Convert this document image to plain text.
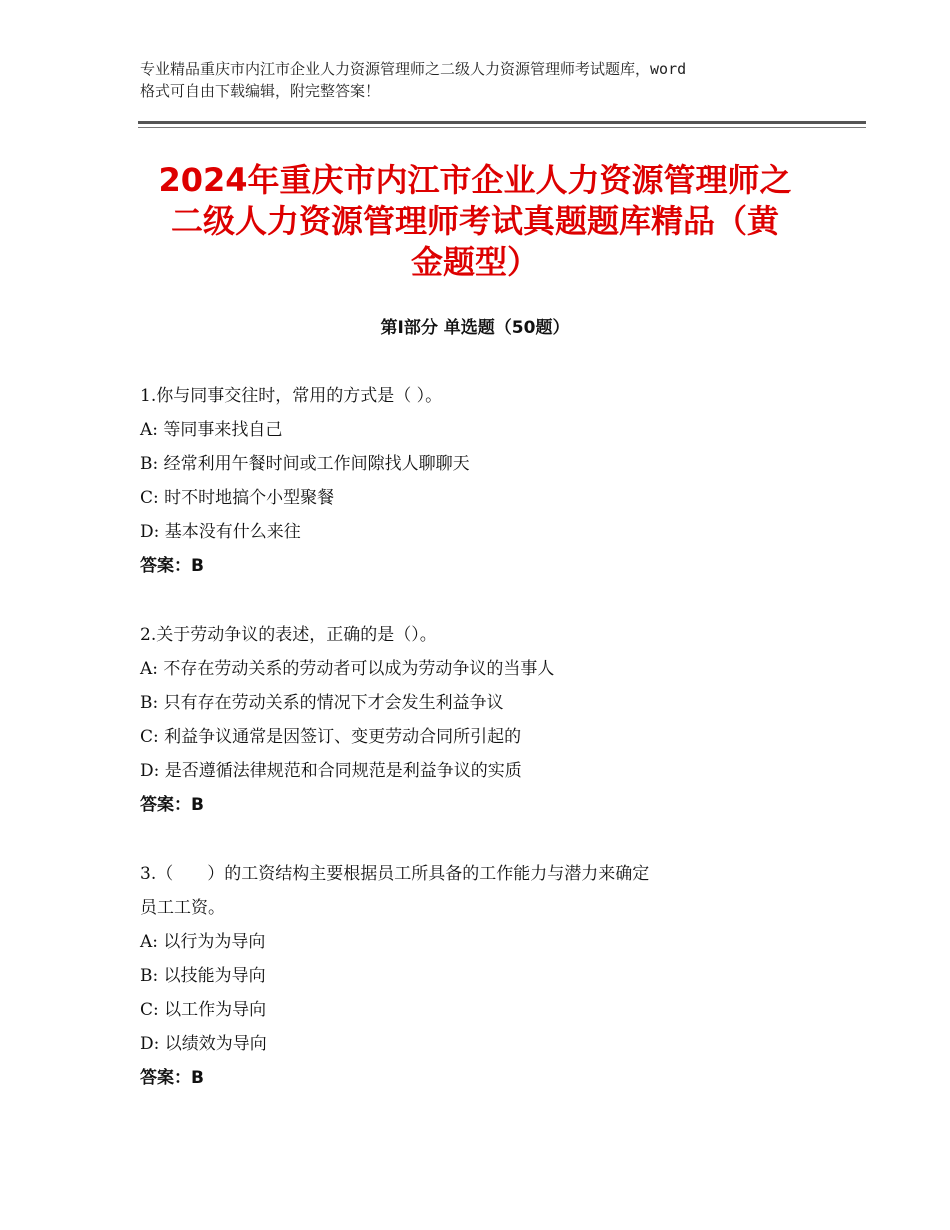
专业精品重庆市内江市企业人力资源管理师之二级人力资源管理师考试题库，word
格式可自由下载编辑，附完整答案！
2024年重庆市内江市企业人力资源管理师之
二级人力资源管理师考试真题题库精品（黄
金题型）
第Ⅰ部分 单选题（50题）

1.你与同事交往时，常用的方式是（ ）。

A: 等同事来找自己

B: 经常利用午餐时间或工作间隙找人聊聊天

C: 时不时地搞个小型聚餐

D: 基本没有什么来往

答案：B

2.关于劳动争议的表述，正确的是（）。

A: 不存在劳动关系的劳动者可以成为劳动争议的当事人

B: 只有存在劳动关系的情况下才会发生利益争议

C: 利益争议通常是因签订、变更劳动合同所引起的

D: 是否遵循法律规范和合同规范是利益争议的实质

答案：B

3.（　　）的工资结构主要根据员工所具备的工作能力与潜力来确定

员工工资。

A: 以行为为导向

B: 以技能为导向

C: 以工作为导向

D: 以绩效为导向

答案：B
